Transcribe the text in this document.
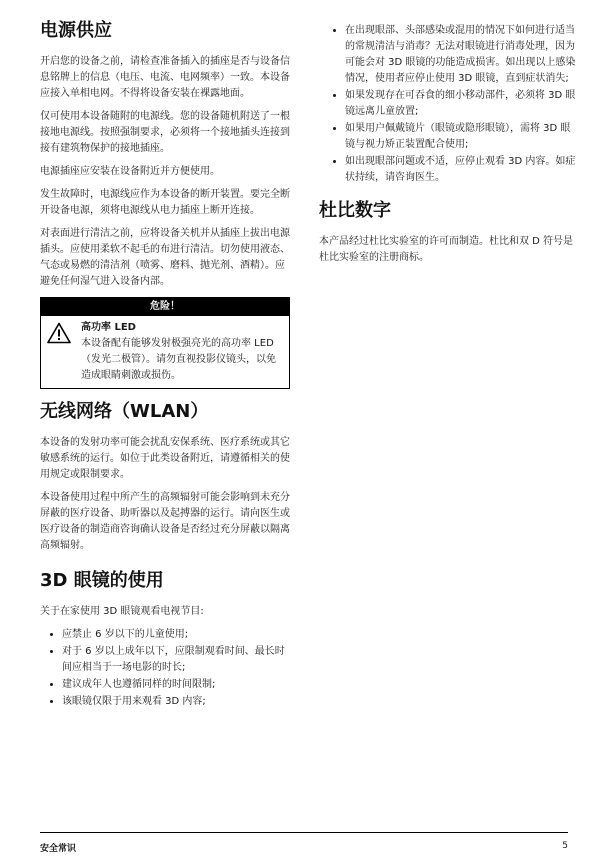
电源供应

开启您的设备之前，请检查准备插入的插座是否与设备信息铭牌上的信息（电压、电流、电网频率）一致。本设备应接入单相电网。不得将设备安装在裸露地面。

仅可使用本设备随附的电源线。您的设备随机附送了一根接地电源线。按照强制要求，必须将一个接地插头连接到接有建筑物保护的接地插座。

电源插座应安装在设备附近并方便使用。

发生故障时，电源线应作为本设备的断开装置。要完全断开设备电源，须将电源线从电力插座上断开连接。

对表面进行清洁之前，应将设备关机并从插座上拔出电源插头。应使用柔软不起毛的布进行清洁。切勿使用液态、气态或易燃的清洁剂（喷雾、磨料、抛光剂、酒精）。应避免任何湿气进入设备内部。

危险！
高功率 LED
本设备配有能够发射极强亮光的高功率 LED（发光二极管）。请勿直视投影仪镜头，以免造成眼睛刺激或损伤。
无线网络（WLAN）

本设备的发射功率可能会扰乱安保系统、医疗系统或其它敏感系统的运行。如位于此类设备附近，请遵循相关的使用规定或限制要求。

本设备使用过程中所产生的高频辐射可能会影响到未充分屏蔽的医疗设备、助听器以及起搏器的运行。请向医生或医疗设备的制造商咨询确认设备是否经过充分屏蔽以隔离高频辐射。

3D 眼镜的使用

关于在家使用 3D 眼镜观看电视节目:

• 应禁止 6 岁以下的儿童使用;
• 对于 6 岁以上成年以下，应限制观看时间、最长时间应相当于一场电影的时长;
• 建议成年人也遵循同样的时间限制;
• 该眼镜仅限于用来观看 3D 内容;
• 在出现眼部、头部感染或混用的情况下如何进行适当的常规清洁与消毒？无法对眼镜进行消毒处理，因为可能会对 3D 眼镜的功能造成损害。如出现以上感染情况，使用者应停止使用 3D 眼镜，直到症状消失;
• 如果发现存在可吞食的细小移动部件，必须将 3D 眼镜远离儿童放置;
• 如果用户佩戴镜片（眼镜或隐形眼镜），需将 3D 眼镜与视力矫正装置配合使用;
• 如出现眼部问题或不适，应停止观看 3D 内容。如症状持续，请咨询医生。
杜比数字

本产品经过杜比实验室的许可而制造。杜比和双 D 符号是杜比实验室的注册商标。

安全常识	5
